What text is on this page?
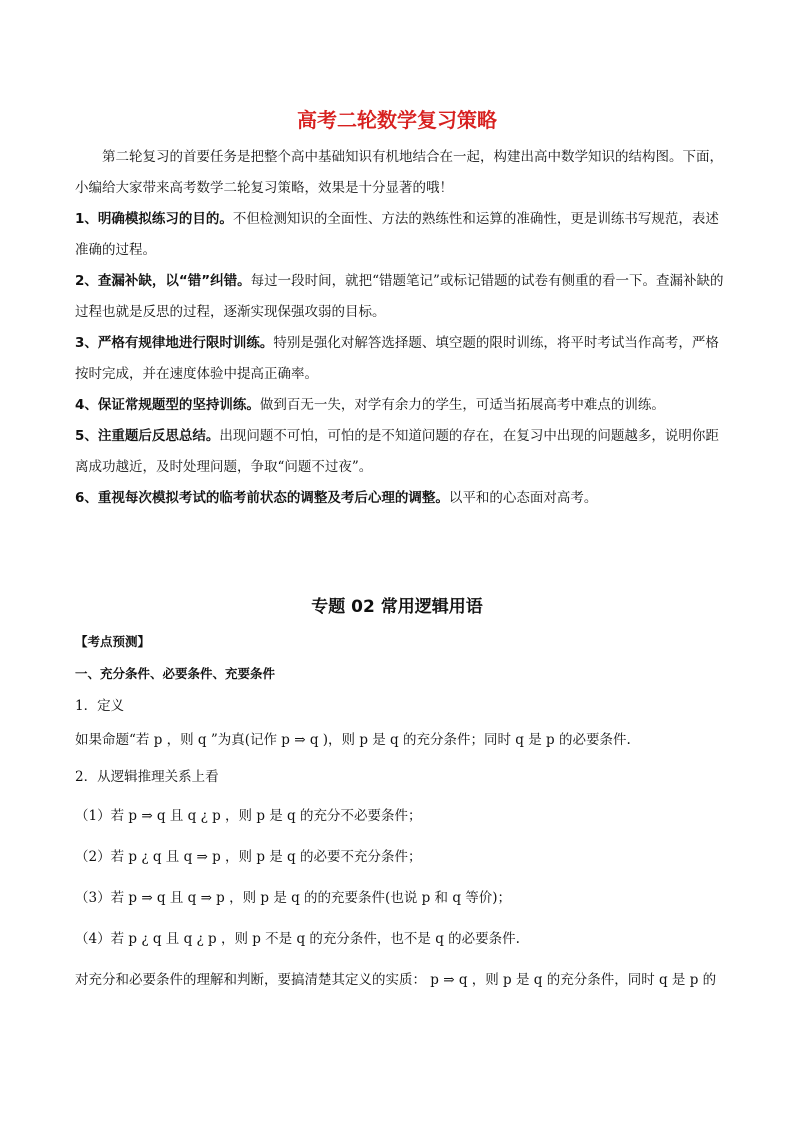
高考二轮数学复习策略
第二轮复习的首要任务是把整个高中基础知识有机地结合在一起，构建出高中数学知识的结构图。下面，小编给大家带来高考数学二轮复习策略，效果是十分显著的哦！
1、明确模拟练习的目的。不但检测知识的全面性、方法的熟练性和运算的准确性，更是训练书写规范，表述准确的过程。
2、查漏补缺，以“错”纠错。每过一段时间，就把“错题笔记”或标记错题的试卷有侧重的看一下。查漏补缺的过程也就是反思的过程，逐渐实现保强攻弱的目标。
3、严格有规律地进行限时训练。特别是强化对解答选择题、填空题的限时训练，将平时考试当作高考，严格按时完成，并在速度体验中提高正确率。
4、保证常规题型的坚持训练。做到百无一失，对学有余力的学生，可适当拓展高考中难点的训练。
5、注重题后反思总结。出现问题不可怕，可怕的是不知道问题的存在，在复习中出现的问题越多，说明你距离成功越近，及时处理问题，争取“问题不过夜”。
6、重视每次模拟考试的临考前状态的调整及考后心理的调整。以平和的心态面对高考。
专题 02 常用逻辑用语
【考点预测】
一、充分条件、必要条件、充要条件
1．定义
如果命题“若 p ，则 q ”为真(记作 p ⇒ q )，则 p 是 q 的充分条件；同时 q 是 p 的必要条件.
2．从逻辑推理关系上看
（1）若 p ⇒ q 且 q ¿ p ，则 p 是 q 的充分不必要条件；
（2）若 p ¿ q 且 q ⇒ p ，则 p 是 q 的必要不充分条件；
（3）若 p ⇒ q 且 q ⇒ p ，则 p 是 q 的的充要条件(也说 p 和 q 等价)；
（4）若 p ¿ q 且 q ¿ p ，则 p 不是 q 的充分条件，也不是 q 的必要条件.
对充分和必要条件的理解和判断，要搞清楚其定义的实质： p ⇒ q ，则 p 是 q 的充分条件，同时 q 是 p 的
